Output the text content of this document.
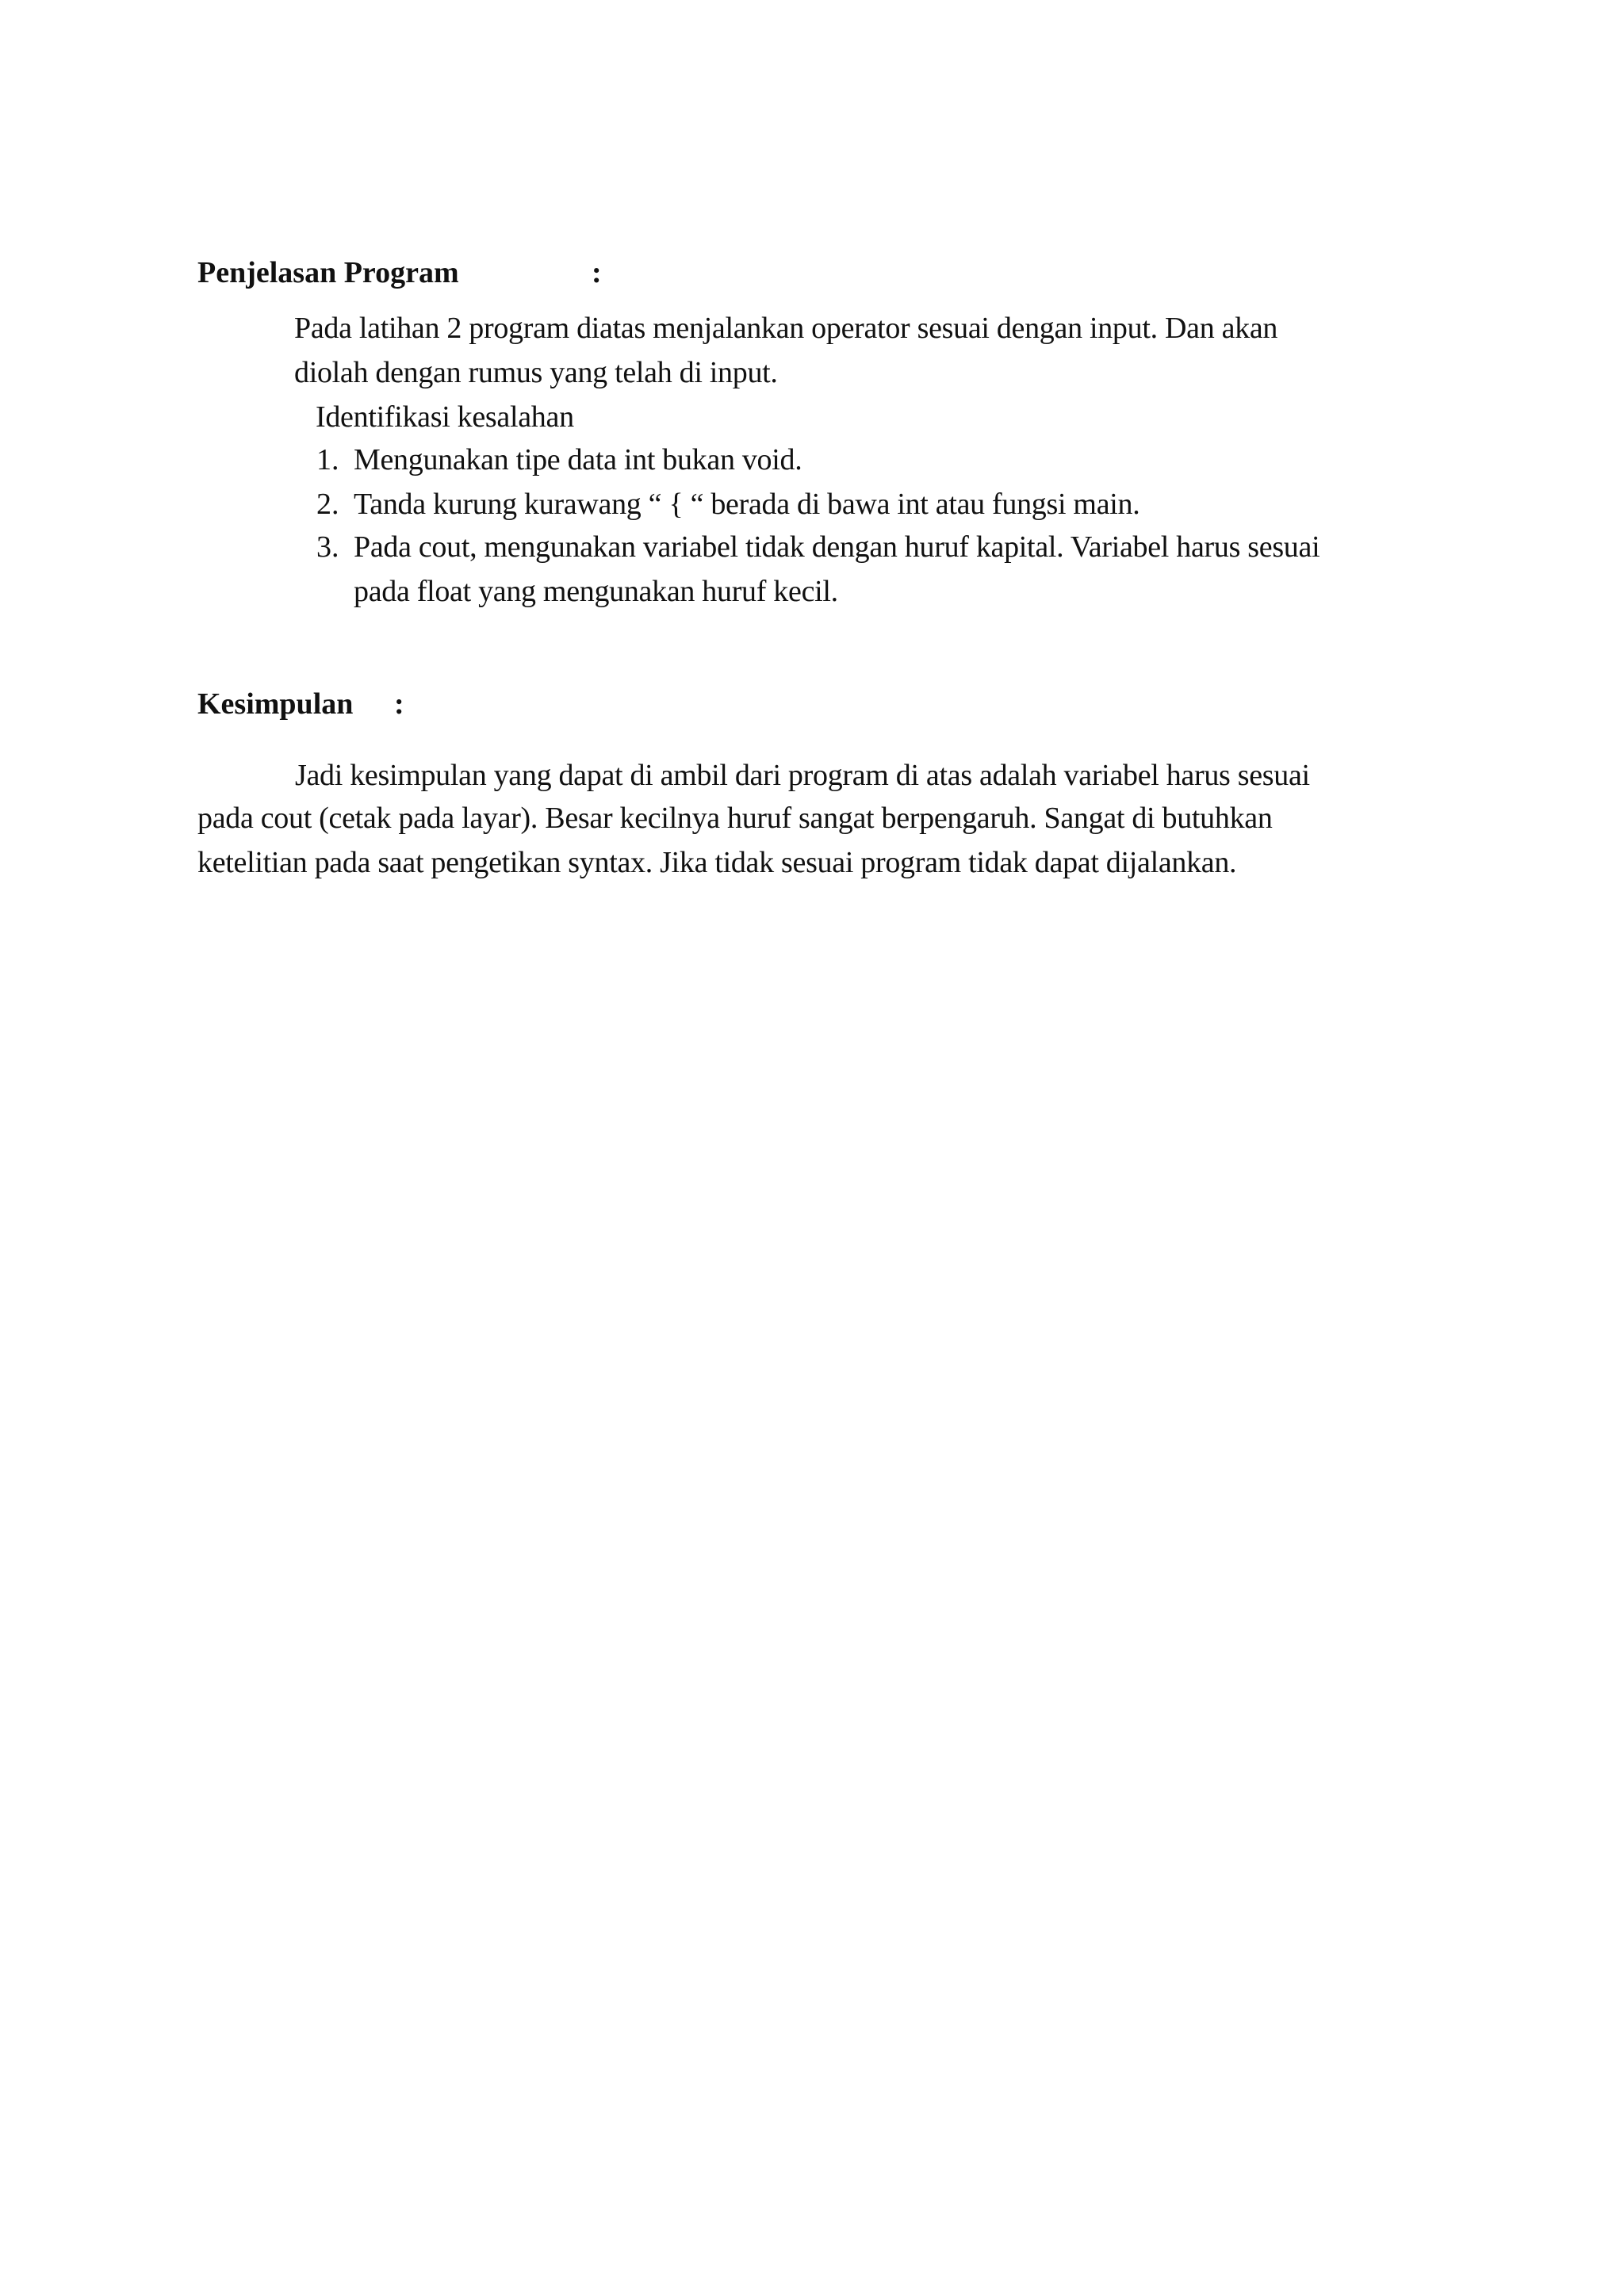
Penjelasan Program	:
Pada latihan 2 program diatas menjalankan operator sesuai dengan input. Dan akan
diolah dengan rumus yang telah di input.
Identifikasi kesalahan
1. Mengunakan tipe data int bukan void.
2. Tanda kurung kurawang “ { “ berada di bawa int atau fungsi main.
3. Pada cout, mengunakan variabel tidak dengan huruf kapital. Variabel harus sesuai
pada float yang mengunakan huruf kecil.
Kesimpulan :
Jadi kesimpulan yang dapat di ambil dari program di atas adalah variabel harus sesuai
pada cout (cetak pada layar). Besar kecilnya huruf sangat berpengaruh. Sangat di butuhkan
ketelitian pada saat pengetikan syntax. Jika tidak sesuai program tidak dapat dijalankan.
